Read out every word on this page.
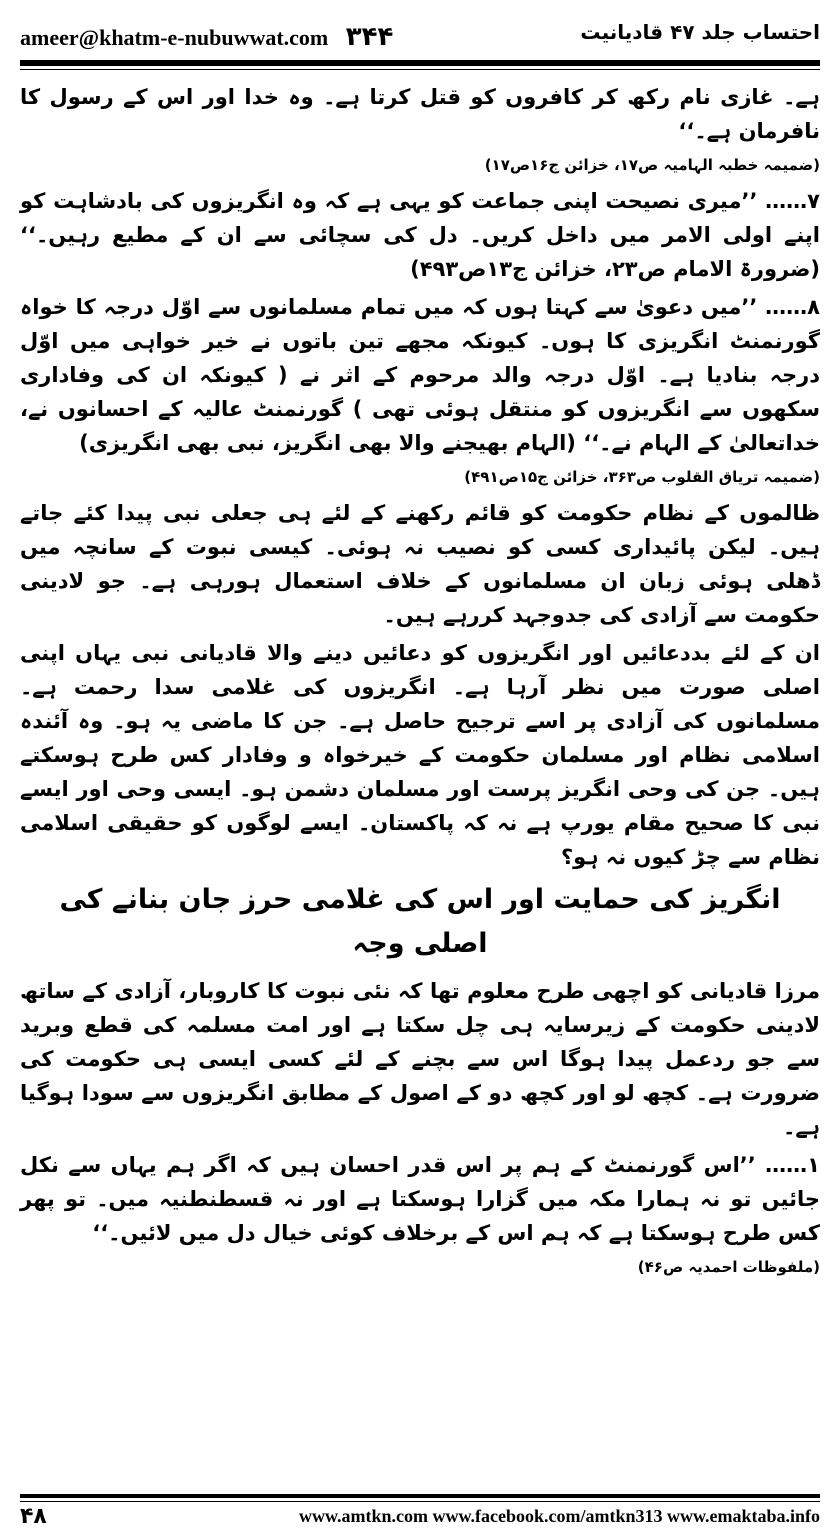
ameer@khatm-e-nubuwwat.com ۳۴۴	احتساب جلد ۴۷ قادیانیت
ہے۔ غازی نام رکھ کر کافروں کو قتل کرتا ہے۔ وہ خدا اور اس کے رسول کا نافرمان ہے۔‘‘
(ضمیمہ خطبہ الہامیہ ص۱۷، خزائن ج۱۶ص۱۷)
۷…… ’’میری نصیحت اپنی جماعت کو یہی ہے کہ وہ انگریزوں کی بادشاہت کو اپنے اولی الامر میں داخل کریں۔ دل کی سچائی سے ان کے مطیع رہیں۔‘‘ (ضرورۃ الامام ص۲۳، خزائن ج۱۳ص۴۹۳)
۸…… ’’میں دعویٰ سے کہتا ہوں کہ میں تمام مسلمانوں سے اوّل درجہ کا خواہ گورنمنٹ انگریزی کا ہوں۔ کیونکہ مجھے تین باتوں نے خیر خواہی میں اوّل درجہ بنادیا ہے۔ اوّل درجہ والد مرحوم کے اثر نے ( کیونکہ ان کی وفاداری سکھوں سے انگریزوں کو منتقل ہوئی تھی ) گورنمنٹ عالیہ کے احسانوں نے، خداتعالیٰ کے الہام نے۔‘‘ (الہام بھیجنے والا بھی انگریز، نبی بھی انگریزی)
(ضمیمہ تریاق القلوب ص۳۶۳، خزائن ج۱۵ص۴۹۱)
ظالموں کے نظام حکومت کو قائم رکھنے کے لئے ہی جعلی نبی پیدا کئے جاتے ہیں۔ لیکن پائیداری کسی کو نصیب نہ ہوئی۔ کیسی نبوت کے سانچہ میں ڈھلی ہوئی زبان ان مسلمانوں کے خلاف استعمال ہورہی ہے۔ جو لادینی حکومت سے آزادی کی جدوجہد کررہے ہیں۔
ان کے لئے بددعائیں اور انگریزوں کو دعائیں دینے والا قادیانی نبی یہاں اپنی اصلی صورت میں نظر آرہا ہے۔ انگریزوں کی غلامی سدا رحمت ہے۔ مسلمانوں کی آزادی پر اسے ترجیح حاصل ہے۔ جن کا ماضی یہ ہو۔ وہ آئندہ اسلامی نظام اور مسلمان حکومت کے خیرخواہ و وفادار کس طرح ہوسکتے ہیں۔ جن کی وحی انگریز پرست اور مسلمان دشمن ہو۔ ایسی وحی اور ایسے نبی کا صحیح مقام یورپ ہے نہ کہ پاکستان۔ ایسے لوگوں کو حقیقی اسلامی نظام سے چڑ کیوں نہ ہو؟
انگریز کی حمایت اور اس کی غلامی حرز جان بنانے کی اصلی وجہ
مرزا قادیانی کو اچھی طرح معلوم تھا کہ نئی نبوت کا کاروبار، آزادی کے ساتھ لادینی حکومت کے زیرسایہ ہی چل سکتا ہے اور امت مسلمہ کی قطع وبرید سے جو ردعمل پیدا ہوگا اس سے بچنے کے لئے کسی ایسی ہی حکومت کی ضرورت ہے۔ کچھ لو اور کچھ دو کے اصول کے مطابق انگریزوں سے سودا ہوگیا ہے۔
۱…… ’’اس گورنمنٹ کے ہم پر اس قدر احسان ہیں کہ اگر ہم یہاں سے نکل جائیں تو نہ ہمارا مکہ میں گزارا ہوسکتا ہے اور نہ قسطنطنیہ میں۔ تو پھر کس طرح ہوسکتا ہے کہ ہم اس کے برخلاف کوئی خیال دل میں لائیں۔‘‘
(ملفوظات احمدیہ ص۴۶)
۴۸	www.amtkn.com www.facebook.com/amtkn313 www.emaktaba.info
